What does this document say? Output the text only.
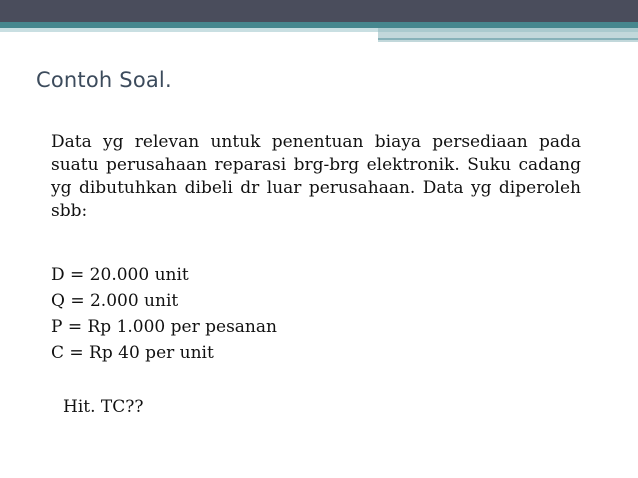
Contoh Soal.
Data yg relevan untuk penentuan biaya persediaan pada suatu perusahaan reparasi brg-brg elektronik. Suku cadang yg dibutuhkan dibeli dr luar perusahaan. Data yg diperoleh sbb:
D = 20.000 unit
Q = 2.000 unit
P = Rp 1.000 per pesanan
C = Rp 40 per unit
Hit. TC??
